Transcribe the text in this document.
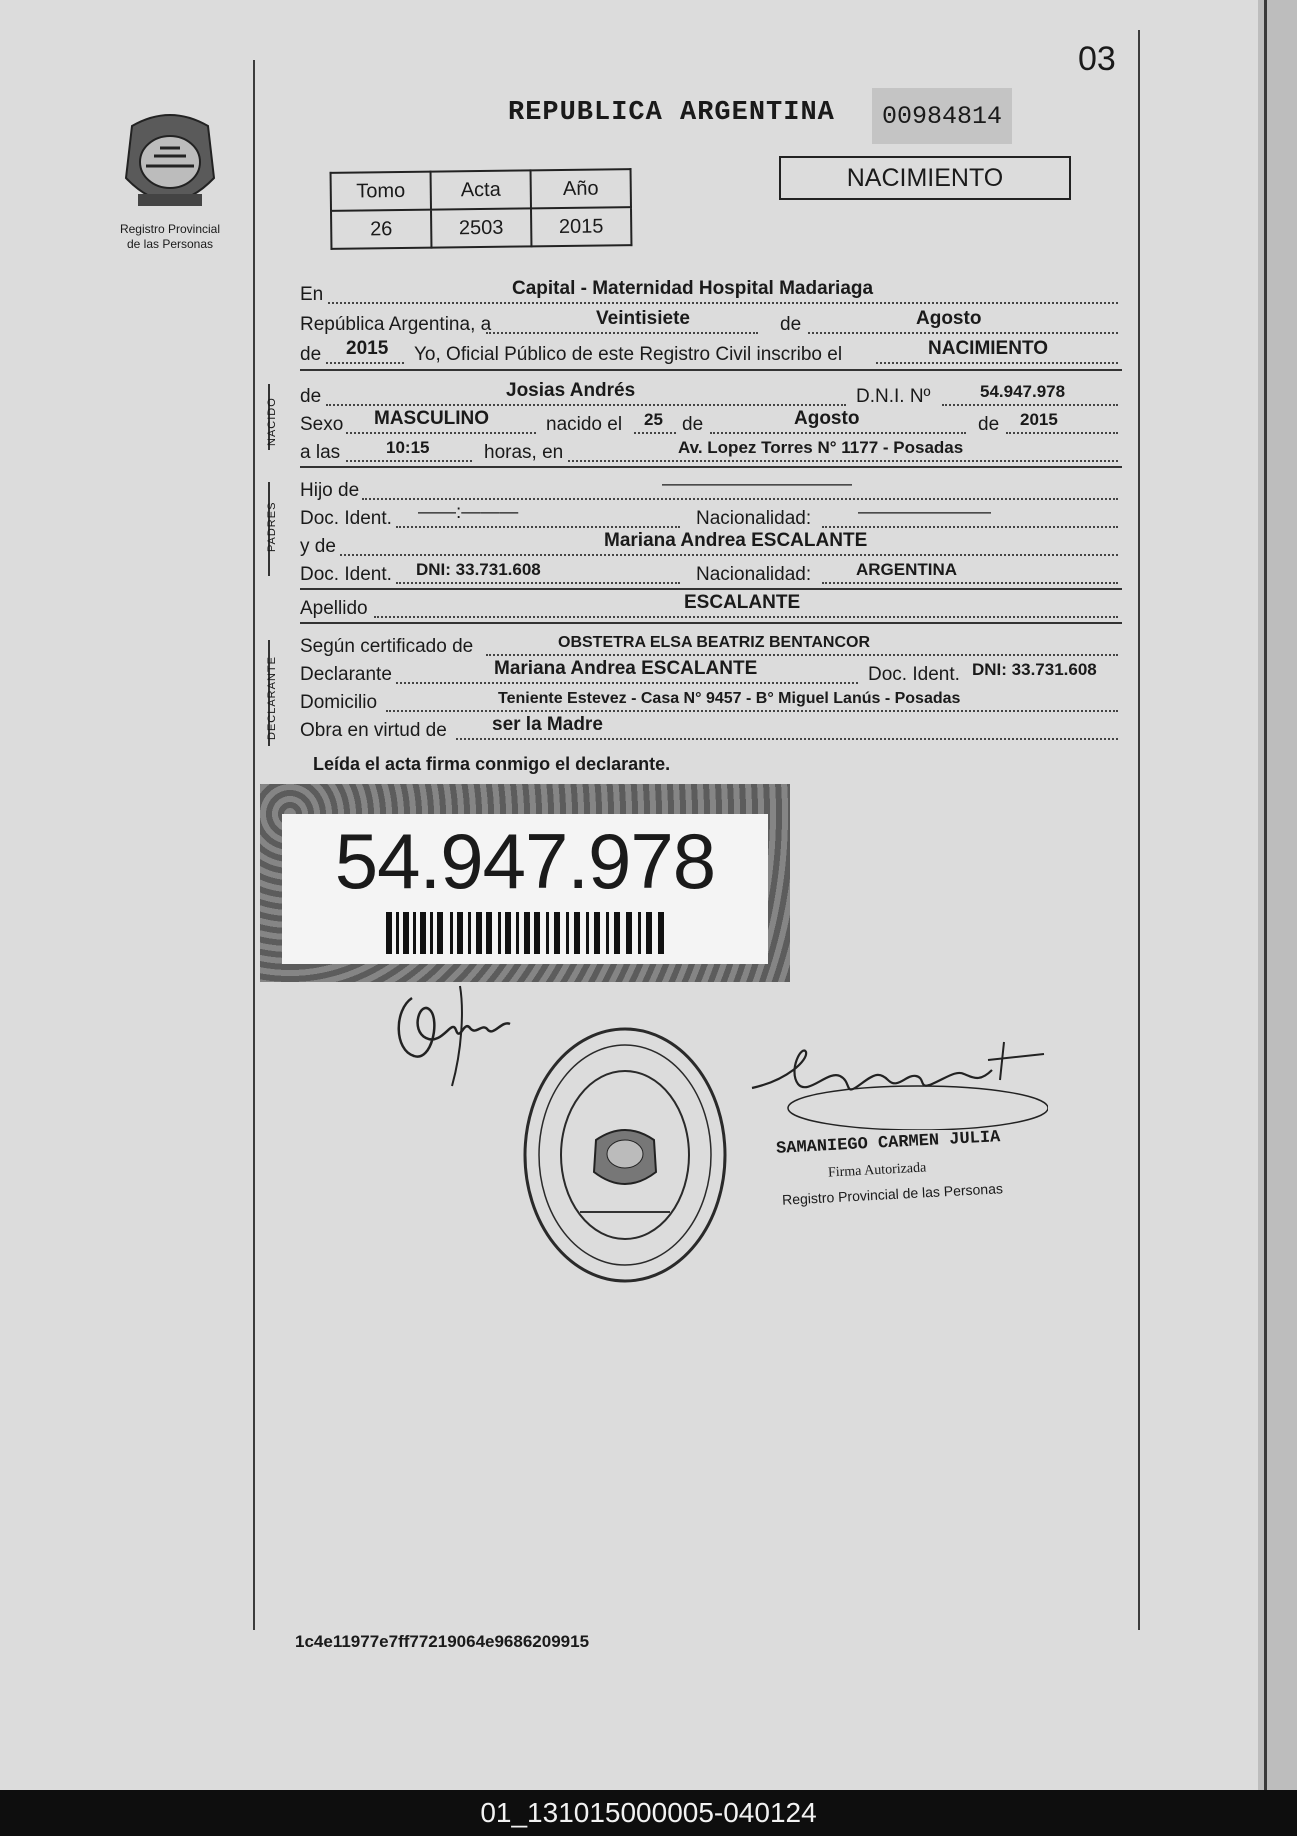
03
Registro Provincial
de las Personas
REPUBLICA ARGENTINA	00984814
NACIMIENTO
Tomo	Acta	Año
26	2503	2015
En	Capital - Maternidad Hospital Madariaga
República Argentina, a	Veintisiete	de	Agosto
de 2015 Yo, Oficial Público de este Registro Civil inscribo el	NACIMIENTO
NACIDO
de	Josias Andrés	D.N.I. Nº	54.947.978
Sexo MASCULINO	nacido el 25 de	Agosto	de 2015
a las	10:15	horas, en	Av. Lopez Torres N° 1177 - Posadas
PADRES
Hijo de	——————————
Doc. Ident. ——:———	Nacionalidad: ———————
y de	Mariana Andrea ESCALANTE
Doc. Ident. DNI: 33.731.608	Nacionalidad:	ARGENTINA
Apellido	ESCALANTE
DECLARANTE
Según certificado de	OBSTETRA ELSA BEATRIZ BENTANCOR
Declarante	Mariana Andrea ESCALANTE	Doc. Ident. DNI: 33.731.608
Domicilio	Teniente Estevez - Casa N° 9457 - B° Miguel Lanús - Posadas
Obra en virtud de ser la Madre
Leída el acta firma conmigo el declarante.
54.947.978
SAMANIEGO CARMEN JULIA
Firma Autorizada
Registro Provincial de las Personas
1c4e11977e7ff77219064e9686209915
01_131015000005-040124
